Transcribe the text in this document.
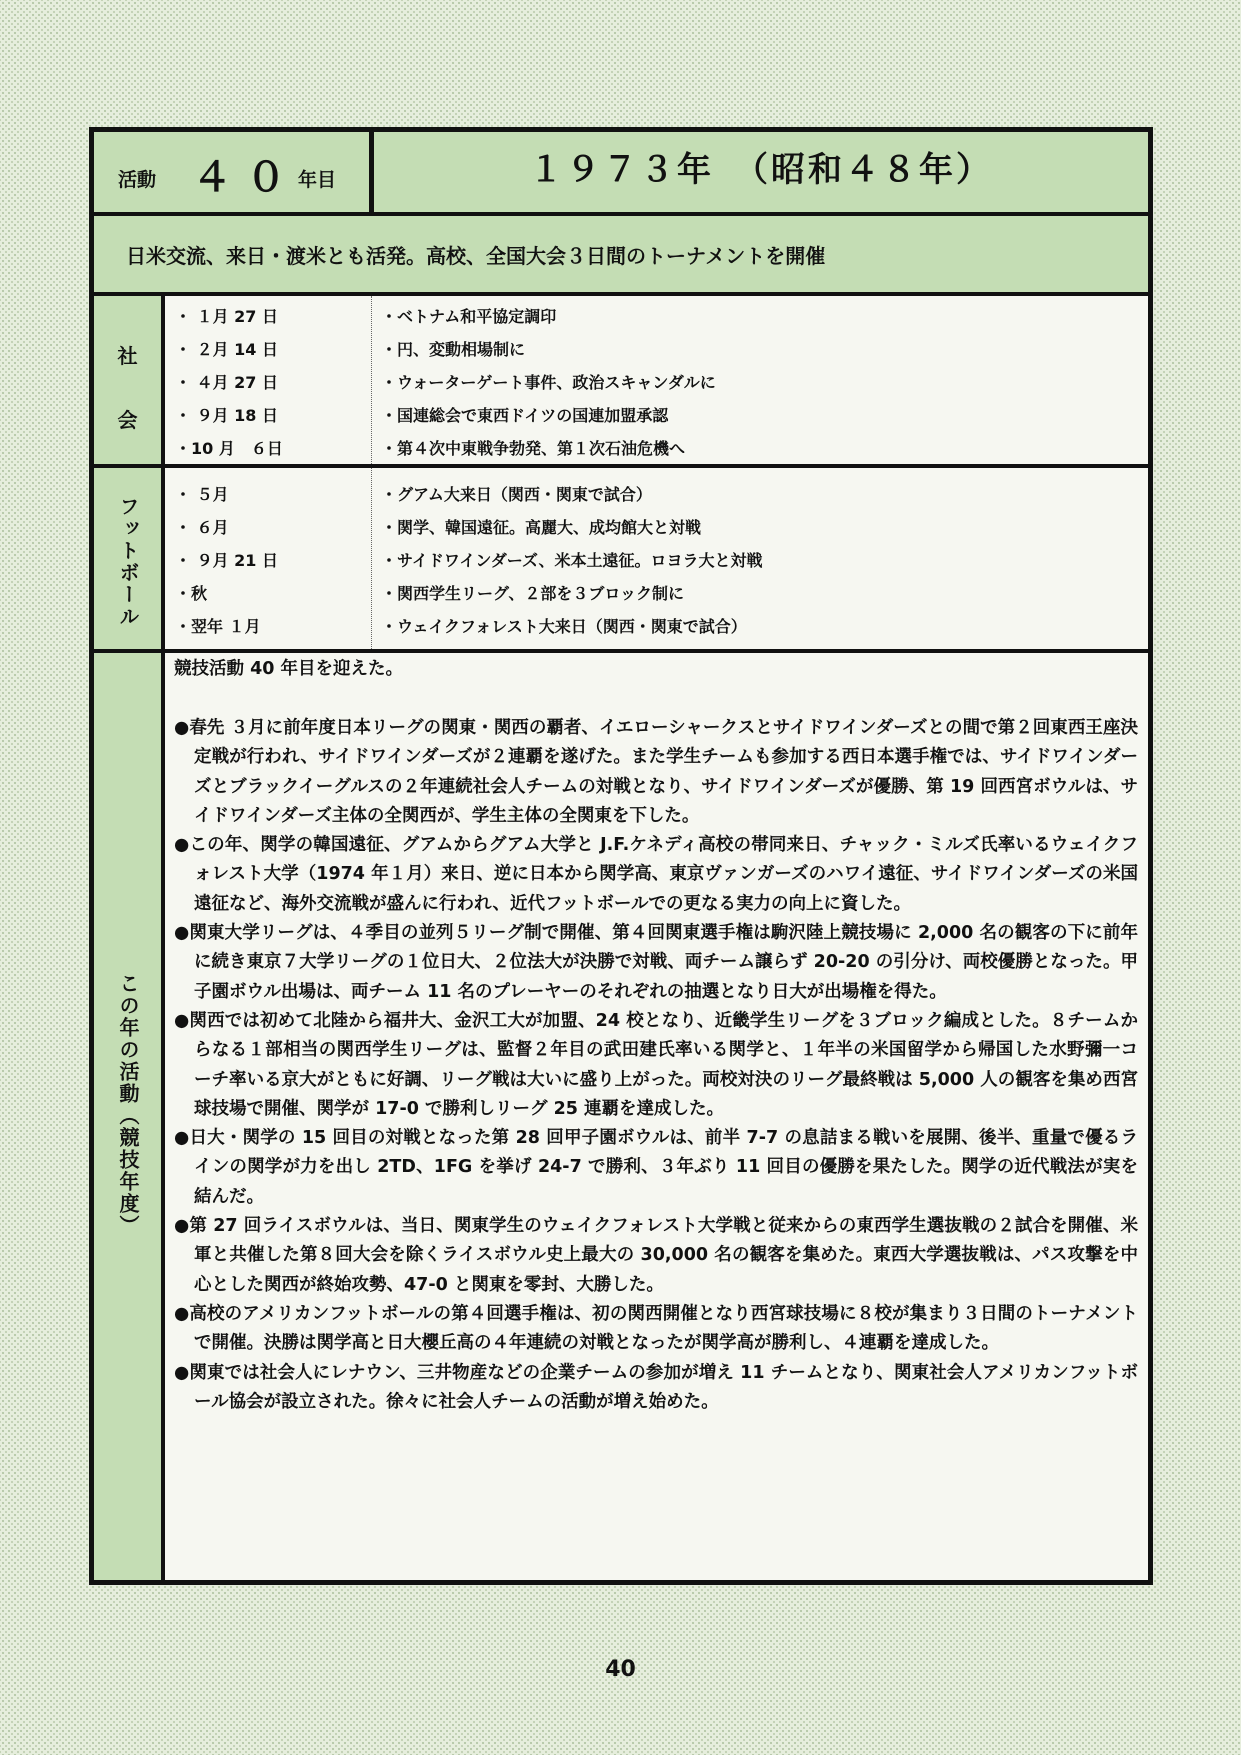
活動 ４０
年目	１９７３年　（昭和４８年）
日米交流、来日・渡米とも活発。高校、全国大会３日間のトーナメントを開催
社
会
・ １月 27 日	・ベトナム和平協定調印
・ ２月 14 日	・円、変動相場制に
・ ４月 27 日	・ウォーターゲート事件、政治スキャンダルに
・ ９月 18 日	・国連総会で東西ドイツの国連加盟承認
・10 月　６日	・第４次中東戦争勃発、第１次石油危機へ
フットボール
・ ５月	・グアム大来日（関西・関東で試合）
・ ６月	・関学、韓国遠征。高麗大、成均館大と対戦
・ ９月 21 日	・サイドワインダーズ、米本土遠征。ロヨラ大と対戦
・秋	・関西学生リーグ、２部を３ブロック制に
・翌年 １月	・ウェイクフォレスト大来日（関西・関東で試合）
この年の活動（競技年度）
競技活動 40 年目を迎えた。

●春先 ３月に前年度日本リーグの関東・関西の覇者、イエローシャークスとサイドワインダーズとの間で第２回東西王座決定戦が行われ、サイドワインダーズが２連覇を遂げた。また学生チームも参加する西日本選手権では、サイドワインダーズとブラックイーグルスの２年連続社会人チームの対戦となり、サイドワインダーズが優勝、第 19 回西宮ボウルは、サイドワインダーズ主体の全関西が、学生主体の全関東を下した。

●この年、関学の韓国遠征、グアムからグアム大学と J.F.ケネディ高校の帯同来日、チャック・ミルズ氏率いるウェイクフォレスト大学（1974 年１月）来日、逆に日本から関学高、東京ヴァンガーズのハワイ遠征、サイドワインダーズの米国遠征など、海外交流戦が盛んに行われ、近代フットボールでの更なる実力の向上に資した。

●関東大学リーグは、４季目の並列５リーグ制で開催、第４回関東選手権は駒沢陸上競技場に 2,000 名の観客の下に前年に続き東京７大学リーグの１位日大、２位法大が決勝で対戦、両チーム譲らず 20-20 の引分け、両校優勝となった。甲子園ボウル出場は、両チーム 11 名のプレーヤーのそれぞれの抽選となり日大が出場権を得た。

●関西では初めて北陸から福井大、金沢工大が加盟、24 校となり、近畿学生リーグを３ブロック編成とした。８チームからなる１部相当の関西学生リーグは、監督２年目の武田建氏率いる関学と、１年半の米国留学から帰国した水野彌一コーチ率いる京大がともに好調、リーグ戦は大いに盛り上がった。両校対決のリーグ最終戦は 5,000 人の観客を集め西宮球技場で開催、関学が 17-0 で勝利しリーグ 25 連覇を達成した。

●日大・関学の 15 回目の対戦となった第 28 回甲子園ボウルは、前半 7-7 の息詰まる戦いを展開、後半、重量で優るラインの関学が力を出し 2TD、1FG を挙げ 24-7 で勝利、３年ぶり 11 回目の優勝を果たした。関学の近代戦法が実を結んだ。

●第 27 回ライスボウルは、当日、関東学生のウェイクフォレスト大学戦と従来からの東西学生選抜戦の２試合を開催、米軍と共催した第８回大会を除くライスボウル史上最大の 30,000 名の観客を集めた。東西大学選抜戦は、パス攻撃を中心とした関西が終始攻勢、47-0 と関東を零封、大勝した。

●高校のアメリカンフットボールの第４回選手権は、初の関西開催となり西宮球技場に８校が集まり３日間のトーナメントで開催。決勝は関学高と日大櫻丘高の４年連続の対戦となったが関学高が勝利し、４連覇を達成した。

●関東では社会人にレナウン、三井物産などの企業チームの参加が増え 11 チームとなり、関東社会人アメリカンフットボール協会が設立された。徐々に社会人チームの活動が増え始めた。

40
